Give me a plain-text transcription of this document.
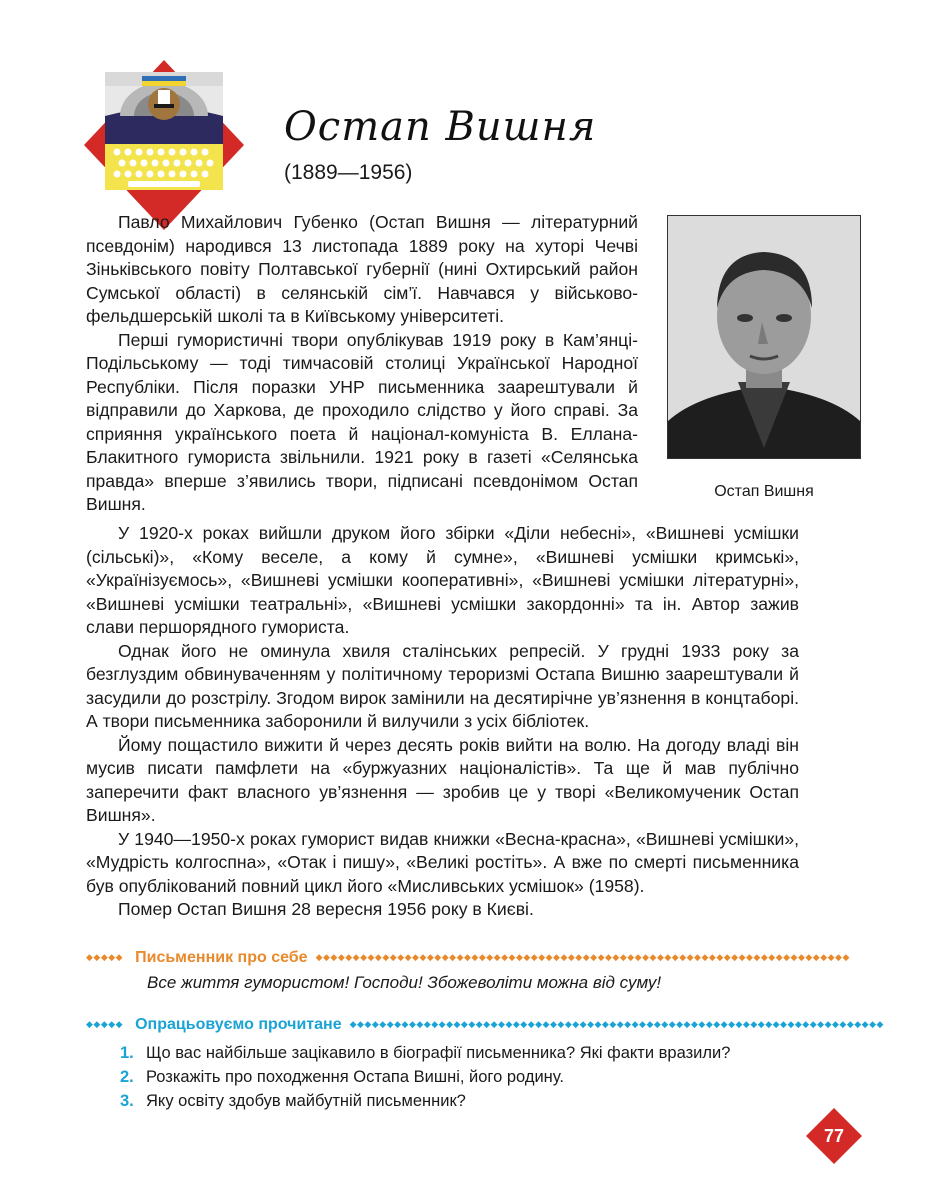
Остап Вишня
(1889—1956)

Павло Михайлович Губенко (Остап Вишня — літературний псевдонім) народився 13 листопада 1889 року на хуторі Чечві Зіньківського повіту Полтавської губернії (нині Охтирський район Сумської області) в селянській сім’ї. Навчався у військово-фельдшерській школі та в Київському університеті.

Перші гумористичні твори опублікував 1919 року в Кам’янці-Подільському — тоді тимчасовій столиці Української Народної Республіки. Після поразки УНР письменника заарештували й відправили до Харкова, де проходило слідство у його справі. За сприяння українського поета й націонал-комуніста В. Еллана-Блакитного гумориста звільнили. 1921 року в газеті «Селянська правда» вперше з’явились твори, підписані псевдонімом Остап Вишня.

Остап Вишня

У 1920-х роках вийшли друком його збірки «Діли небесні», «Вишневі усмішки (сільські)», «Кому веселе, а кому й сумне», «Вишневі усмішки кримські», «Українізуємось», «Вишневі усмішки кооперативні», «Вишневі усмішки літературні», «Вишневі усмішки театральні», «Вишневі усмішки закордонні» та ін. Автор зажив слави першорядного гумориста.

Однак його не оминула хвиля сталінських репресій. У грудні 1933 року за безглуздим обвинуваченням у політичному тероризмі Остапа Вишню заарештували й засудили до розстрілу. Згодом вирок замінили на десятирічне ув’язнення в концтаборі. А твори письменника заборонили й вилучили з усіх бібліотек.

Йому пощастило вижити й через десять років вийти на волю. На догоду владі він мусив писати памфлети на «буржуазних націоналістів». Та ще й мав публічно заперечити факт власного ув’язнення — зробив це у творі «Великомученик Остап Вишня».

У 1940—1950-х роках гуморист видав книжки «Весна-красна», «Вишневі усмішки», «Мудрість колгоспна», «Отак і пишу», «Великі ростіть». А вже по смерті письменника був опублікований повний цикл його «Мисливських усмішок» (1958).

Помер Остап Вишня 28 вересня 1956 року в Києві.

◆◆◆◆◆ Письменник про себе ◆◆◆◆◆◆◆◆◆◆◆◆◆◆◆◆◆◆◆◆◆◆◆◆◆◆◆◆◆◆◆◆◆◆◆◆◆◆◆◆◆◆◆◆◆◆◆◆◆◆◆◆◆◆◆◆◆◆◆◆◆◆◆◆◆◆◆◆◆◆◆◆
Все життя гумористом! Господи! Збожеволіти можна від суму!
◆◆◆◆◆ Опрацьовуємо прочитане ◆◆◆◆◆◆◆◆◆◆◆◆◆◆◆◆◆◆◆◆◆◆◆◆◆◆◆◆◆◆◆◆◆◆◆◆◆◆◆◆◆◆◆◆◆◆◆◆◆◆◆◆◆◆◆◆◆◆◆◆◆◆◆◆◆◆◆◆◆◆◆◆
1. Що вас найбільше зацікавило в біографії письменника? Які факти вразили?
2. Розкажіть про походження Остапа Вишні, його родину.
3. Яку освіту здобув майбутній письменник?
77
